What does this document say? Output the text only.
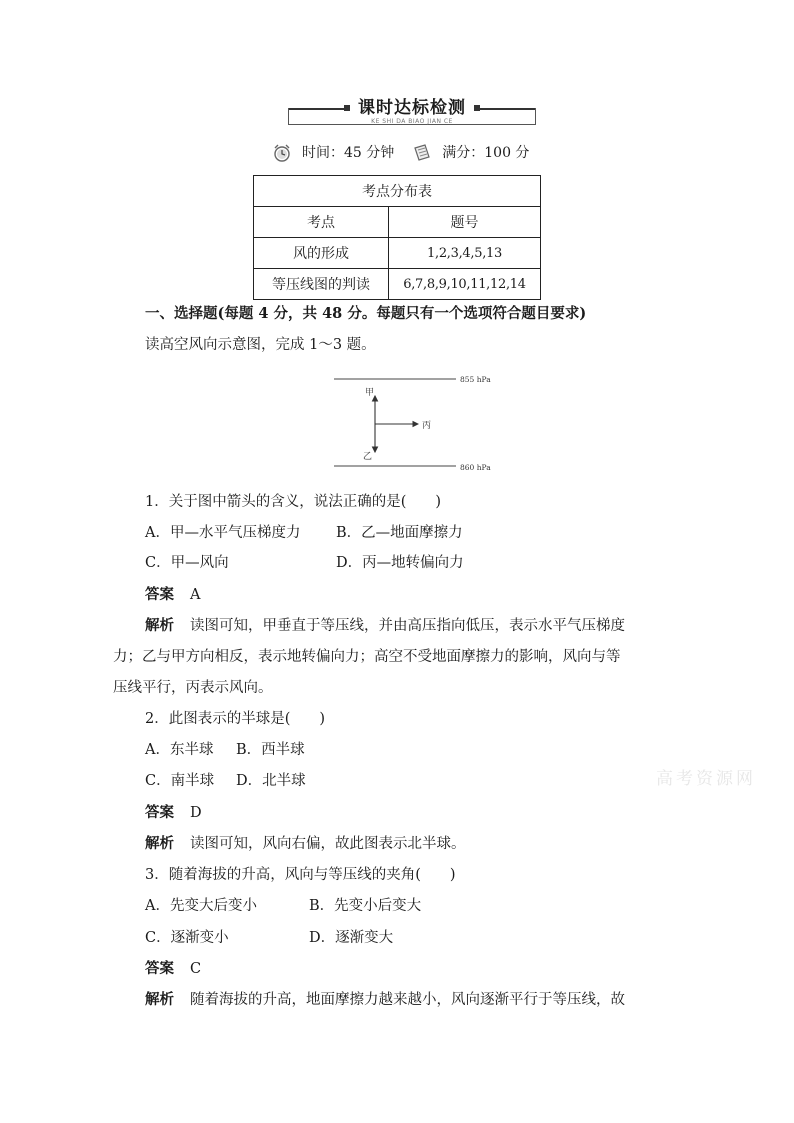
课时达标检测
KE SHI DA BIAO JIAN CE
时间：45 分钟	满分：100 分
考点分布表	
考点	题号
风的形成	1,2,3,4,5,13
等压线图的判读	6,7,8,9,10,11,12,14
一、选择题(每题 4 分，共 48 分。每题只有一个选项符合题目要求)
读高空风向示意图，完成 1～3 题。
855 hPa
860 hPa
甲
乙
丙
1．关于图中箭头的含义，说法正确的是(　　)
A．甲—水平气压梯度力 B．乙—地面摩擦力
C．甲—风向	D．丙—地转偏向力
答案 A
解析 读图可知，甲垂直于等压线，并由高压指向低压，表示水平气压梯度
力；乙与甲方向相反，表示地转偏向力；高空不受地面摩擦力的影响，风向与等
压线平行，丙表示风向。
2．此图表示的半球是(　　)
A．东半球 B．西半球
C．南半球 D．北半球
答案 D
解析 读图可知，风向右偏，故此图表示北半球。
3．随着海拔的升高，风向与等压线的夹角(　　)
A．先变大后变小	B．先变小后变大
C．逐渐变小	D．逐渐变大
答案 C
解析 随着海拔的升高，地面摩擦力越来越小，风向逐渐平行于等压线，故
高考资源网
